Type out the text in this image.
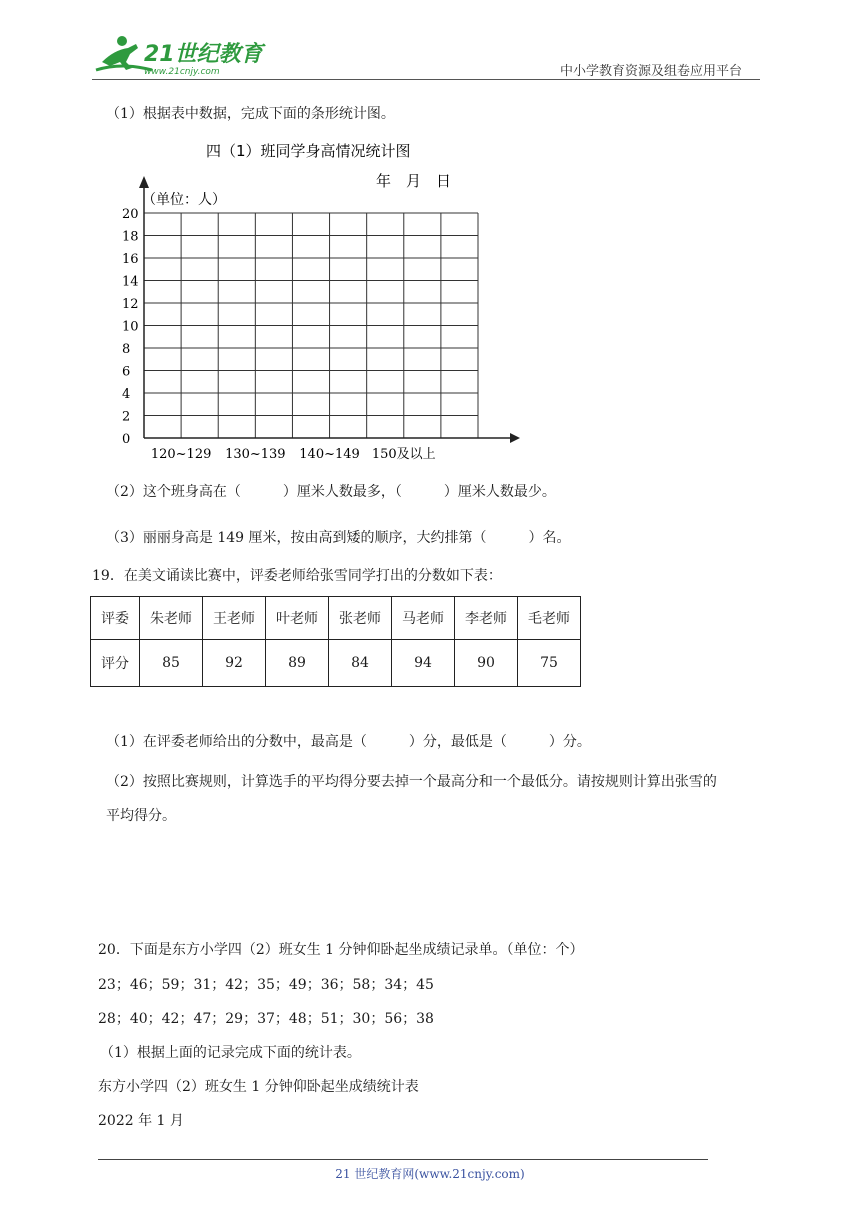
21世纪教育
www.21cnjy.com	中小学教育资源及组卷应用平台
（1）根据表中数据，完成下面的条形统计图。
四（1）班同学身高情况统计图
年　月　日
（单位：人）
0
2
4
6
8
10
12
14
16
18
20
120~129 130~139 140~149 150及以上
（2）这个班身高在（　　　）厘米人数最多，（　　　）厘米人数最少。
（3）丽丽身高是 149 厘米，按由高到矮的顺序，大约排第（　　　）名。
19．在美文诵读比赛中，评委老师给张雪同学打出的分数如下表：
评委	朱老师	王老师	叶老师	张老师	马老师	李老师	毛老师
评分	85	92	89	84	94	90	75
（1）在评委老师给出的分数中，最高是（　　　）分，最低是（　　　）分。
（2）按照比赛规则，计算选手的平均得分要去掉一个最高分和一个最低分。请按规则计算出张雪的
平均得分。
20．下面是东方小学四（2）班女生 1 分钟仰卧起坐成绩记录单。（单位：个）
23；46；59；31；42；35；49；36；58；34；45
28；40；42；47；29；37；48；51；30；56；38
（1）根据上面的记录完成下面的统计表。
东方小学四（2）班女生 1 分钟仰卧起坐成绩统计表
2022 年 1 月
21 世纪教育网(www.21cnjy.com)
